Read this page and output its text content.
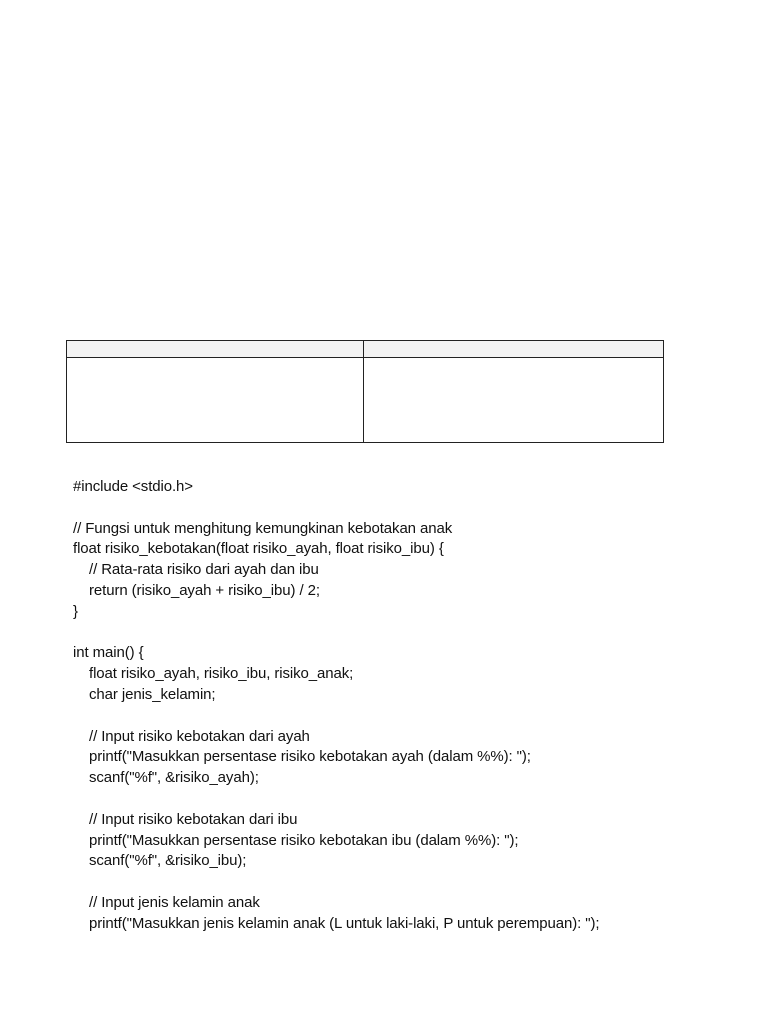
#include <stdio.h>
// Fungsi untuk menghitung kemungkinan kebotakan anak
float risiko_kebotakan(float risiko_ayah, float risiko_ibu) {
// Rata-rata risiko dari ayah dan ibu
return (risiko_ayah + risiko_ibu) / 2;
}
int main() {
float risiko_ayah, risiko_ibu, risiko_anak;
char jenis_kelamin;
// Input risiko kebotakan dari ayah
printf("Masukkan persentase risiko kebotakan ayah (dalam %%): ");
scanf("%f", &risiko_ayah);
// Input risiko kebotakan dari ibu
printf("Masukkan persentase risiko kebotakan ibu (dalam %%): ");
scanf("%f", &risiko_ibu);
// Input jenis kelamin anak
printf("Masukkan jenis kelamin anak (L untuk laki-laki, P untuk perempuan): ");
